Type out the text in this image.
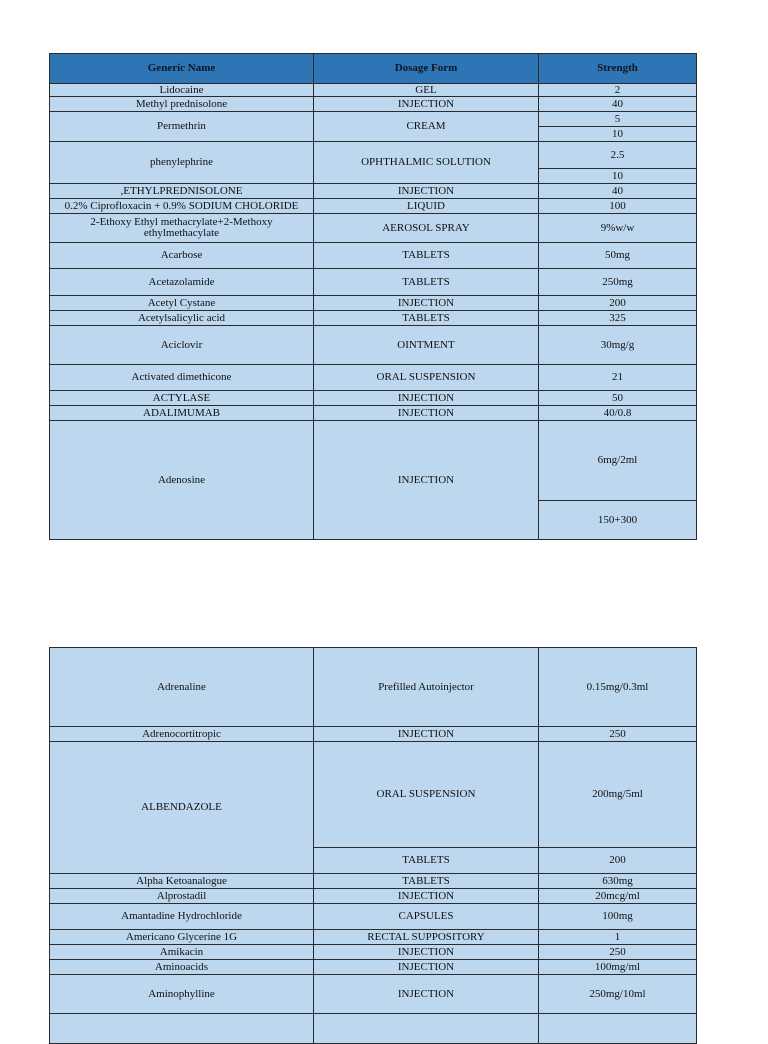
Generic Name	Dosage Form	Strength
Lidocaine	GEL	2
Methyl prednisolone	INJECTION	40
Permethrin	CREAM	5
		10
phenylephrine	OPHTHALMIC SOLUTION	2.5
		10
,ETHYLPREDNISOLONE	INJECTION	40
0.2% Ciprofloxacin + 0.9% SODIUM CHOLORIDE	LIQUID	100
2-Ethoxy Ethyl methacrylate+2-Methoxy ethylmethacylate	AEROSOL SPRAY	9%w/w
Acarbose	TABLETS	50mg
Acetazolamide	TABLETS	250mg
Acetyl Cystane	INJECTION	200
Acetylsalicylic acid	TABLETS	325
Aciclovir	OINTMENT	30mg/g
Activated dimethicone	ORAL SUSPENSION	21
ACTYLASE	INJECTION	50
ADALIMUMAB	INJECTION	40/0.8
Adenosine	INJECTION	6mg/2ml
		150+300
Adrenaline	Prefilled Autoinjector	0.15mg/0.3ml
Adrenocortitropic	INJECTION	250
ALBENDAZOLE	ORAL SUSPENSION	200mg/5ml
	TABLETS	200
Alpha Ketoanalogue	TABLETS	630mg
Alprostadil	INJECTION	20mcg/ml
Amantadine Hydrochloride	CAPSULES	100mg
Americano Glycerine 1G	RECTAL SUPPOSITORY	1
Amikacin	INJECTION	250
Aminoacids	INJECTION	100mg/ml
Aminophylline	INJECTION	250mg/10ml
